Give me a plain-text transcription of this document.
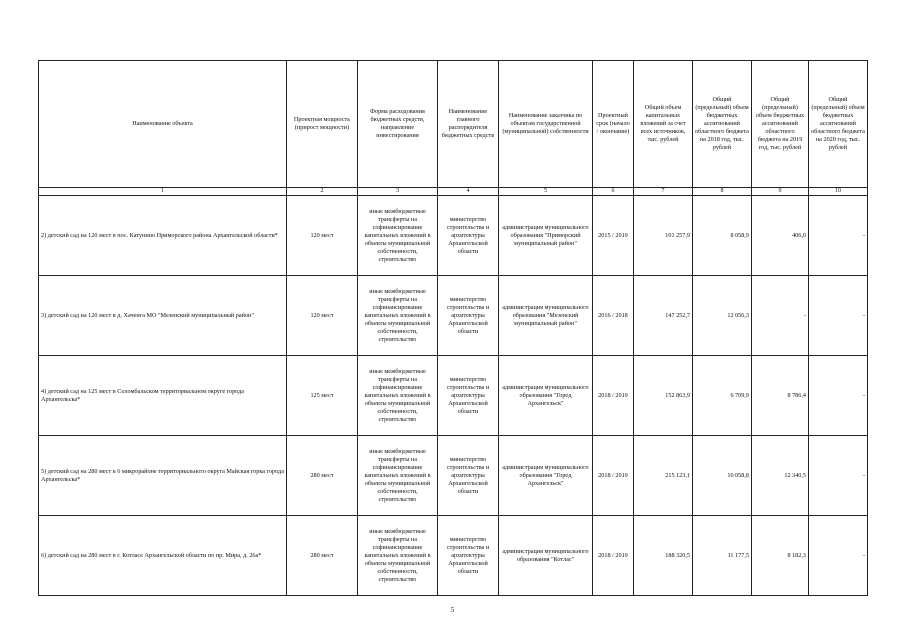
Наименование объекта	Проектная мощность (прирост мощности)	Форма расходования бюджетных средств, направление инвестирования	Наименование главного распорядителя бюджетных средств	Наименование заказчика по объектам государственной (муниципальной) собственности	Проектный срок (начало / окончание)	Общий объем капитальных вложений за счет всех источников, тыс. рублей	Общий (предельный) объем бюджетных ассигнований областного бюджета на 2018 год, тыс. рублей	Общий (предельный) объем бюджетных ассигнований областного бюджета на 2019 год, тыс. рублей	Общий (предельный) объем бюджетных ассигнований областного бюджета на 2020 год, тыс. рублей
1	2	3	4	5	6	7	8	9	10
2) детский сад на 120 мест в пос. Катунино Приморского района Архангельской области*	120 мест	иные межбюджетные трансферты на софинансирование капитальных вложений в объекты муниципальной собственности, строительство	министерство строительства и архитектуры Архангельской области	администрация муниципального образования "Приморский муниципальный район"	2015 / 2019	101 257,9	8 058,9	406,0	-
3) детский сад на 120 мест в д. Хаченга МО "Мезенский муниципальный район"	120 мест	иные межбюджетные трансферты на софинансирование капитальных вложений в объекты муниципальной собственности, строительство	министерство строительства и архитектуры Архангельской области	администрация муниципального образования "Мезенский муниципальный район"	2016 / 2018	147 252,7	12 056,3	-	-
4) детский сад на 125 мест в Соломбальском территориальном округе города Архангельска*	125 мест	иные межбюджетные трансферты на софинансирование капитальных вложений в объекты муниципальной собственности, строительство	министерство строительства и архитектуры Архангельской области	администрация муниципального образования "Город Архангельск"	2018 / 2019	152 863,9	6 709,9	8 786,4	-
5) детский сад на 280 мест в 6 микрорайоне территориального округа Майская горка города Архангельска*	280 мест	иные межбюджетные трансферты на софинансирование капитальных вложений в объекты муниципальной собственности, строительство	министерство строительства и архитектуры Архангельской области	администрация муниципального образования "Город Архангельск"	2018 / 2019	215 123,1	10 058,8	12 340,5	-
6) детский сад на 280 мест в г. Котласе Архангельской области по пр. Мира, д. 26а*	280 мест	иные межбюджетные трансферты на софинансирование капитальных вложений в объекты муниципальной собственности, строительство	министерство строительства и архитектуры Архангельской области	администрация муниципального образования "Котлас"	2018 / 2019	188 320,5	11 177,5	8 182,3	-
5
